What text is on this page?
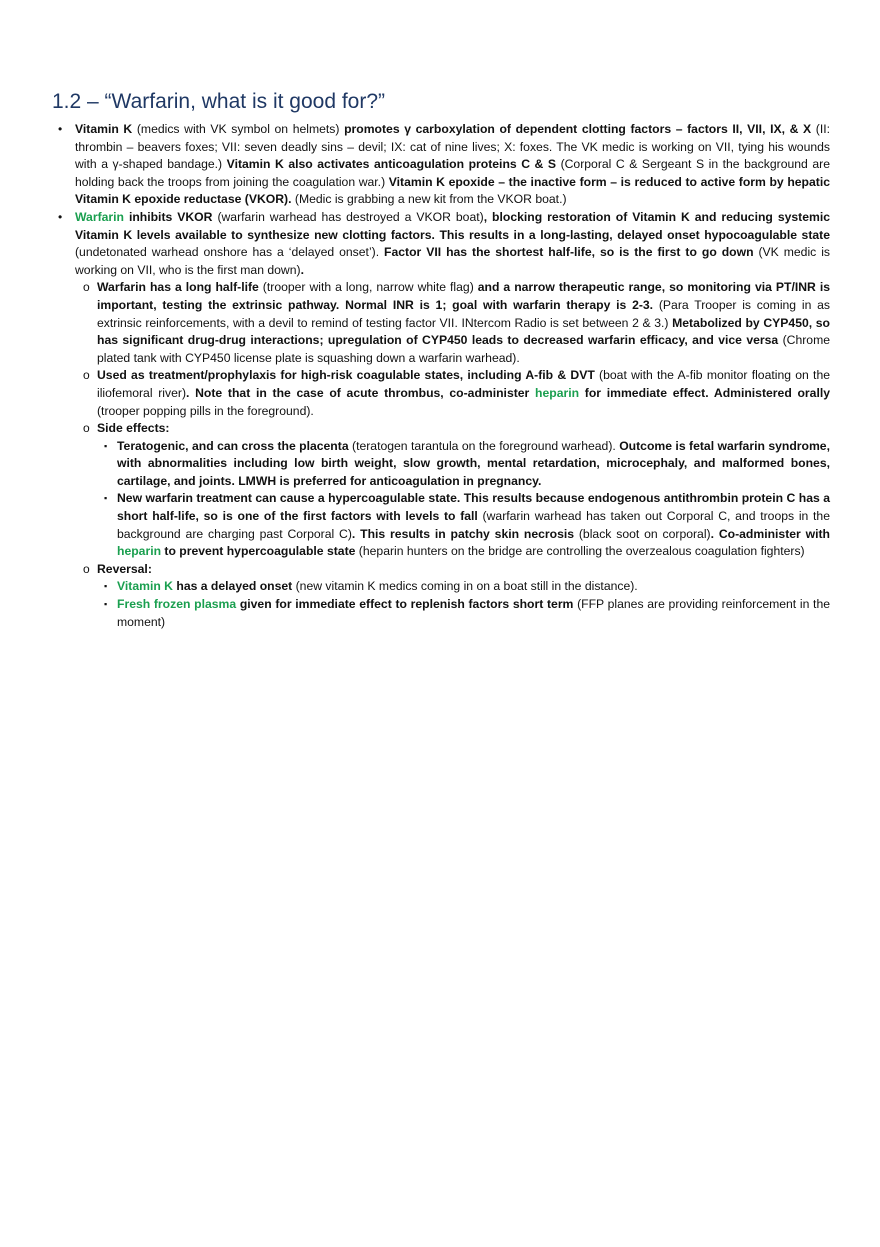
1.2 – “Warfarin, what is it good for?”
• Vitamin K (medics with VK symbol on helmets) promotes γ carboxylation of dependent clotting factors – factors II, VII, IX, & X (II: thrombin – beavers foxes; VII: seven deadly sins – devil; IX: cat of nine lives; X: foxes. The VK medic is working on VII, tying his wounds with a γ-shaped bandage.) Vitamin K also activates anticoagulation proteins C & S (Corporal C & Sergeant S in the background are holding back the troops from joining the coagulation war.) Vitamin K epoxide – the inactive form – is reduced to active form by hepatic Vitamin K epoxide reductase (VKOR). (Medic is grabbing a new kit from the VKOR boat.)
• Warfarin inhibits VKOR (warfarin warhead has destroyed a VKOR boat), blocking restoration of Vitamin K and reducing systemic Vitamin K levels available to synthesize new clotting factors. This results in a long-lasting, delayed onset hypocoagulable state (undetonated warhead onshore has a ‘delayed onset’). Factor VII has the shortest half-life, so is the first to go down (VK medic is working on VII, who is the first man down).
o Warfarin has a long half-life (trooper with a long, narrow white flag) and a narrow therapeutic range, so monitoring via PT/INR is important, testing the extrinsic pathway. Normal INR is 1; goal with warfarin therapy is 2-3. (Para Trooper is coming in as extrinsic reinforcements, with a devil to remind of testing factor VII. INtercom Radio is set between 2 & 3.) Metabolized by CYP450, so has significant drug-drug interactions; upregulation of CYP450 leads to decreased warfarin efficacy, and vice versa (Chrome plated tank with CYP450 license plate is squashing down a warfarin warhead).
o Used as treatment/prophylaxis for high-risk coagulable states, including A-fib & DVT (boat with the A-fib monitor floating on the iliofemoral river). Note that in the case of acute thrombus, co-administer heparin for immediate effect. Administered orally (trooper popping pills in the foreground).
o Side effects:
▪ Teratogenic, and can cross the placenta (teratogen tarantula on the foreground warhead). Outcome is fetal warfarin syndrome, with abnormalities including low birth weight, slow growth, mental retardation, microcephaly, and malformed bones, cartilage, and joints. LMWH is preferred for anticoagulation in pregnancy.
▪ New warfarin treatment can cause a hypercoagulable state. This results because endogenous antithrombin protein C has a short half-life, so is one of the first factors with levels to fall (warfarin warhead has taken out Corporal C, and troops in the background are charging past Corporal C). This results in patchy skin necrosis (black soot on corporal). Co-administer with heparin to prevent hypercoagulable state (heparin hunters on the bridge are controlling the overzealous coagulation fighters)
o Reversal:
▪ Vitamin K has a delayed onset (new vitamin K medics coming in on a boat still in the distance).
▪ Fresh frozen plasma given for immediate effect to replenish factors short term (FFP planes are providing reinforcement in the moment)
